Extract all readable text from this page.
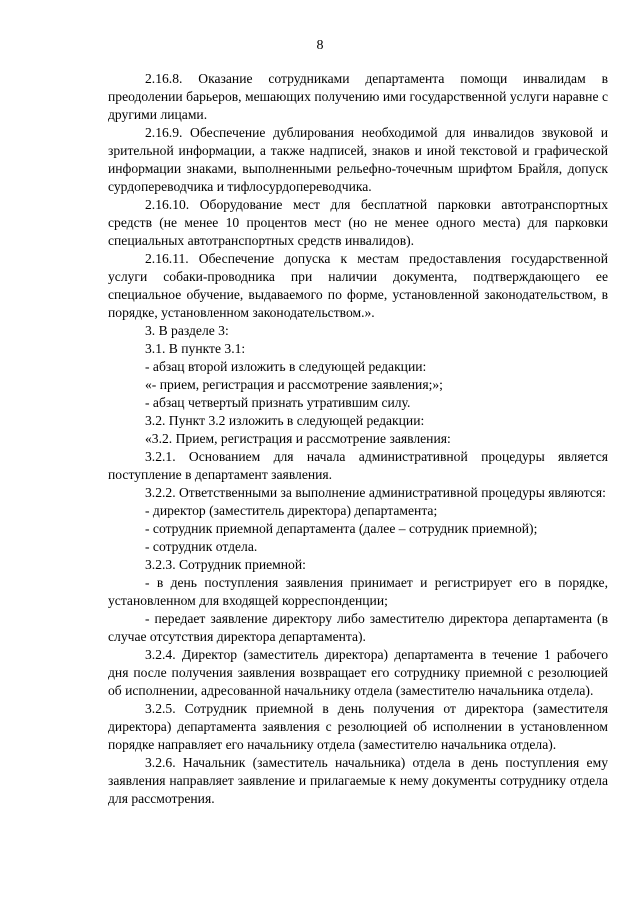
8

2.16.8. Оказание сотрудниками департамента помощи инвалидам в преодолении барьеров, мешающих получению ими государственной услуги наравне с другими лицами.

2.16.9. Обеспечение дублирования необходимой для инвалидов звуковой и зрительной информации, а также надписей, знаков и иной текстовой и графической информации знаками, выполненными рельефно-точечным шрифтом Брайля, допуск сурдопереводчика и тифлосурдопереводчика.

2.16.10. Оборудование мест для бесплатной парковки автотранспортных средств (не менее 10 процентов мест (но не менее одного места) для парковки специальных автотранспортных средств инвалидов).

2.16.11. Обеспечение допуска к местам предоставления государственной услуги собаки-проводника при наличии документа, подтверждающего ее специальное обучение, выдаваемого по форме, установленной законодательством, в порядке, установленном законодательством.».

3. В разделе 3:

3.1. В пункте 3.1:

- абзац второй изложить в следующей редакции:

«- прием, регистрация и рассмотрение заявления;»;

- абзац четвертый признать утратившим силу.

3.2. Пункт 3.2 изложить в следующей редакции:

«3.2. Прием, регистрация и рассмотрение заявления:

3.2.1. Основанием для начала административной процедуры является поступление в департамент заявления.

3.2.2. Ответственными за выполнение административной процедуры являются:

- директор (заместитель директора) департамента;

- сотрудник приемной департамента (далее – сотрудник приемной);

- сотрудник отдела.

3.2.3. Сотрудник приемной:

- в день поступления заявления принимает и регистрирует его в порядке, установленном для входящей корреспонденции;

- передает заявление директору либо заместителю директора департамента (в случае отсутствия директора департамента).

3.2.4. Директор (заместитель директора) департамента в течение 1 рабочего дня после получения заявления возвращает его сотруднику приемной с резолюцией об исполнении, адресованной начальнику отдела (заместителю начальника отдела).

3.2.5. Сотрудник приемной в день получения от директора (заместителя директора) департамента заявления с резолюцией об исполнении в установленном порядке направляет его начальнику отдела (заместителю начальника отдела).

3.2.6. Начальник (заместитель начальника) отдела в день поступления ему заявления направляет заявление и прилагаемые к нему документы сотруднику отдела для рассмотрения.
